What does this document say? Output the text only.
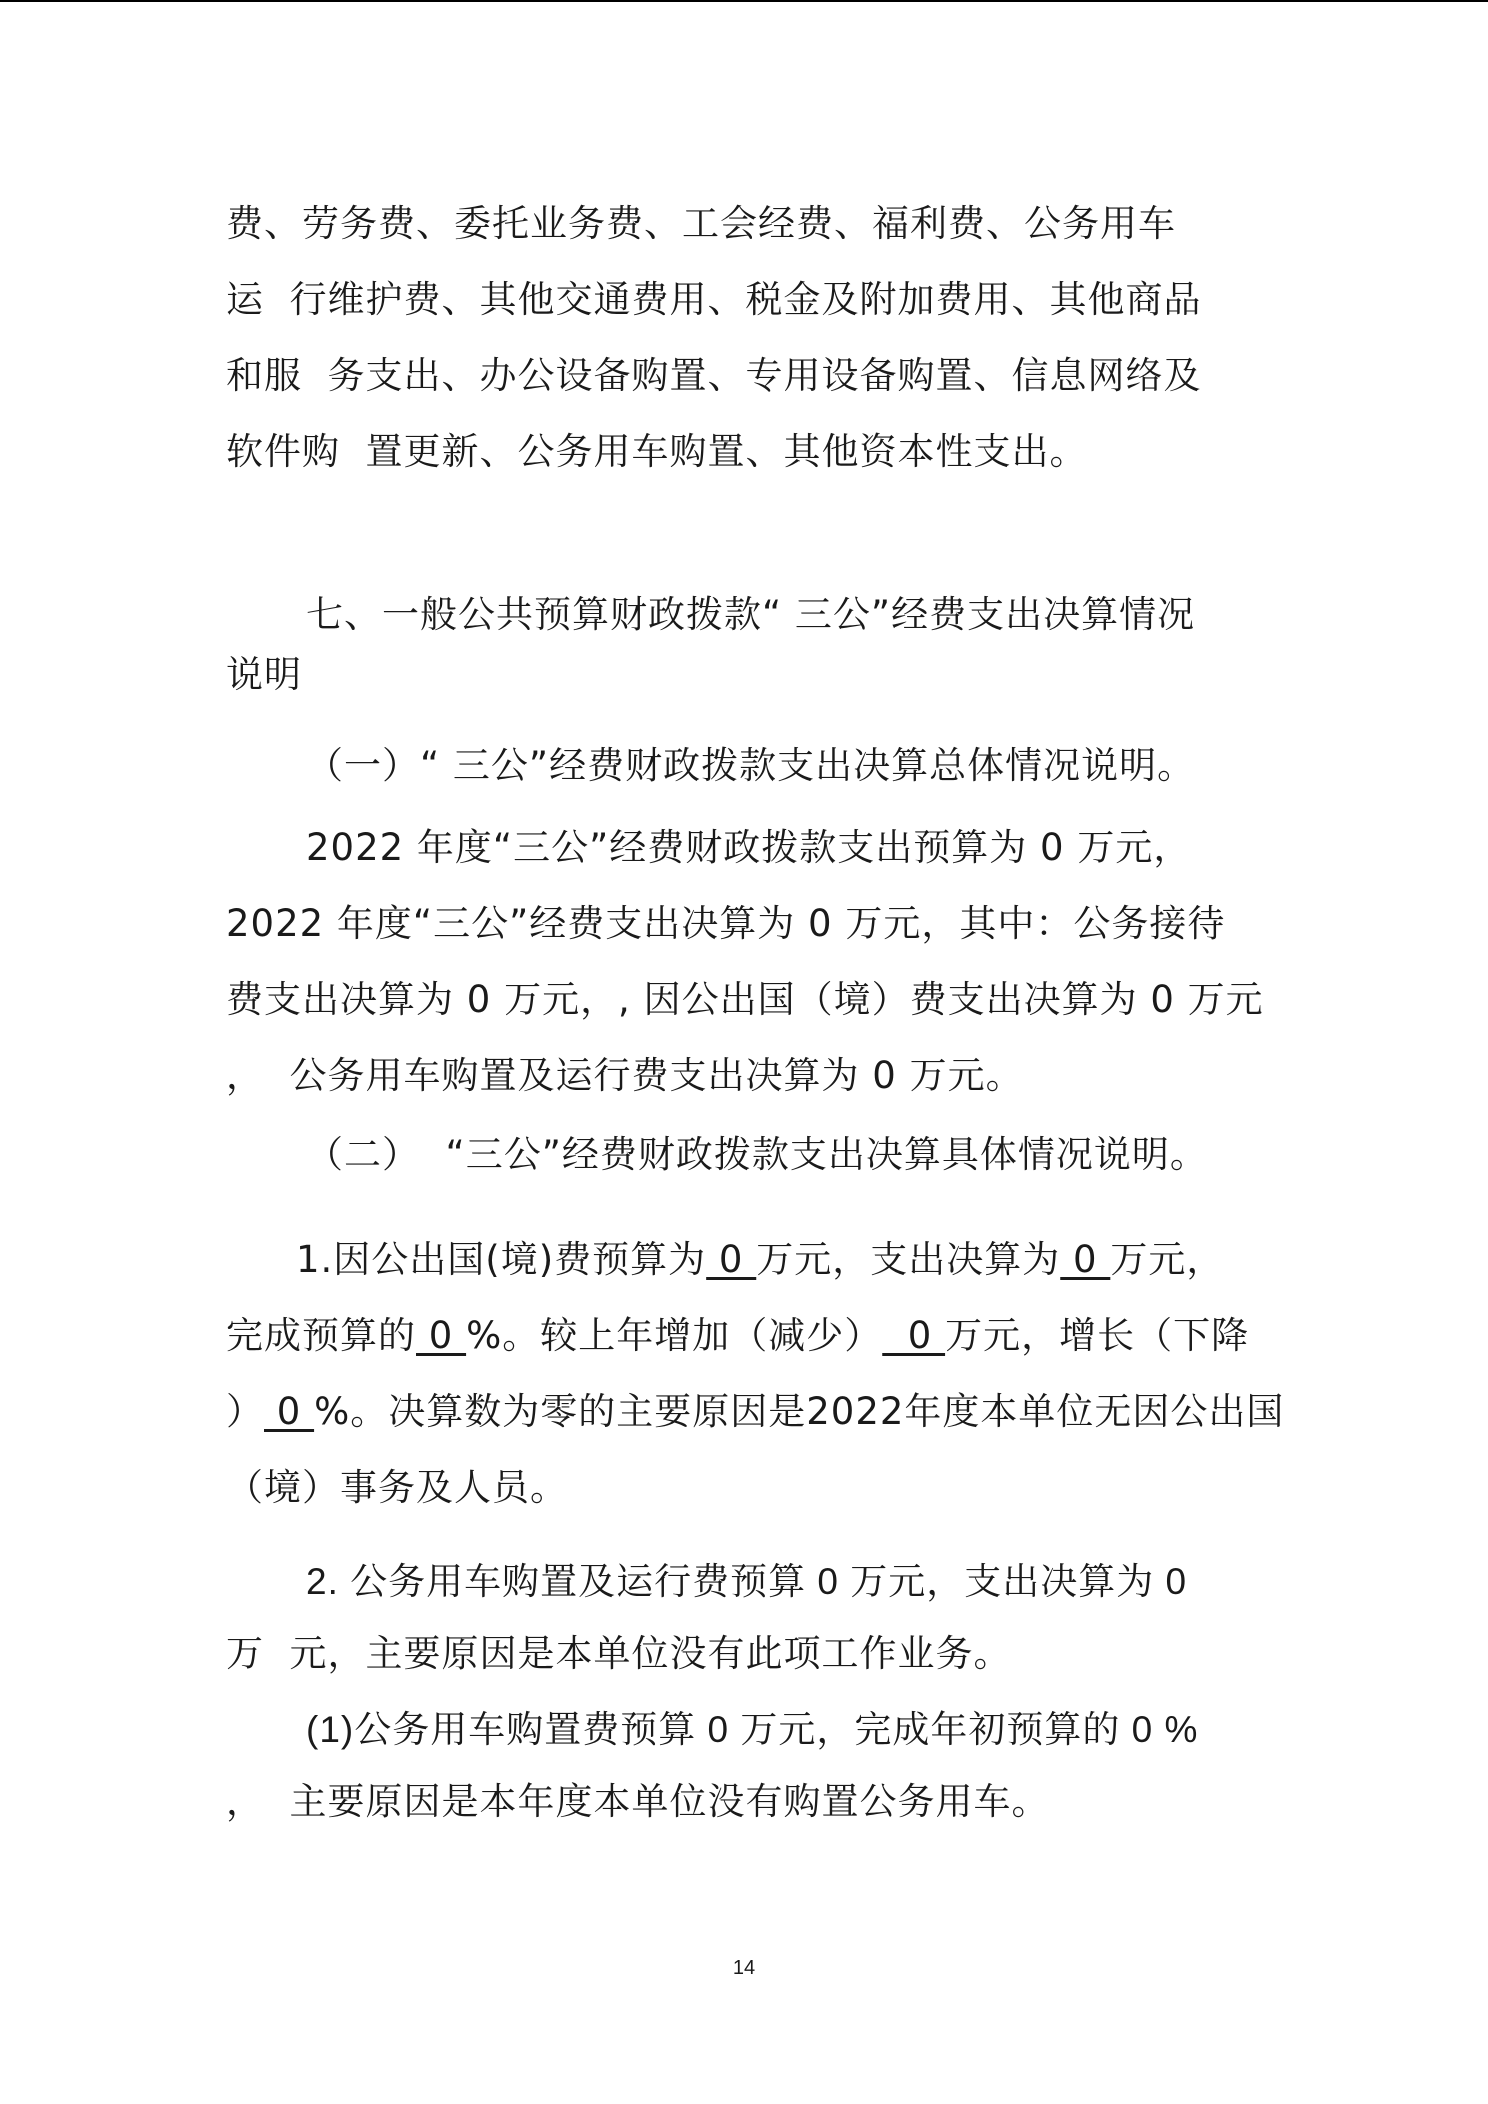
费、劳务费、委托业务费、工会经费、福利费、公务用车
运  行维护费、其他交通费用、税金及附加费用、其他商品
和服  务支出、办公设备购置、专用设备购置、信息网络及
软件购  置更新、公务用车购置、其他资本性支出。
七、一般公共预算财政拨款“ 三公”经费支出决算情况
说明
（一）“ 三公”经费财政拨款支出决算总体情况说明。
2022 年度“三公”经费财政拨款支出预算为 0 万元，
2022 年度“三公”经费支出决算为 0 万元，其中：公务接待
费支出决算为 0 万元，, 因公出国（境）费支出决算为 0 万元
，  公务用车购置及运行费支出决算为 0 万元。
（二）  “三公”经费财政拨款支出决算具体情况说明。
1.因公出国(境)费预算为 0 万元，支出决算为 0 万元，
完成预算的 0 %。较上年增加（减少）  0 万元，增长（下降
） 0 %。决算数为零的主要原因是2022年度本单位无因公出国
（境）事务及人员。
2. 公务用车购置及运行费预算 0 万元，支出决算为 0
万  元，主要原因是本单位没有此项工作业务。
(1)公务用车购置费预算 0 万元，完成年初预算的 0 %
，  主要原因是本年度本单位没有购置公务用车。
14
